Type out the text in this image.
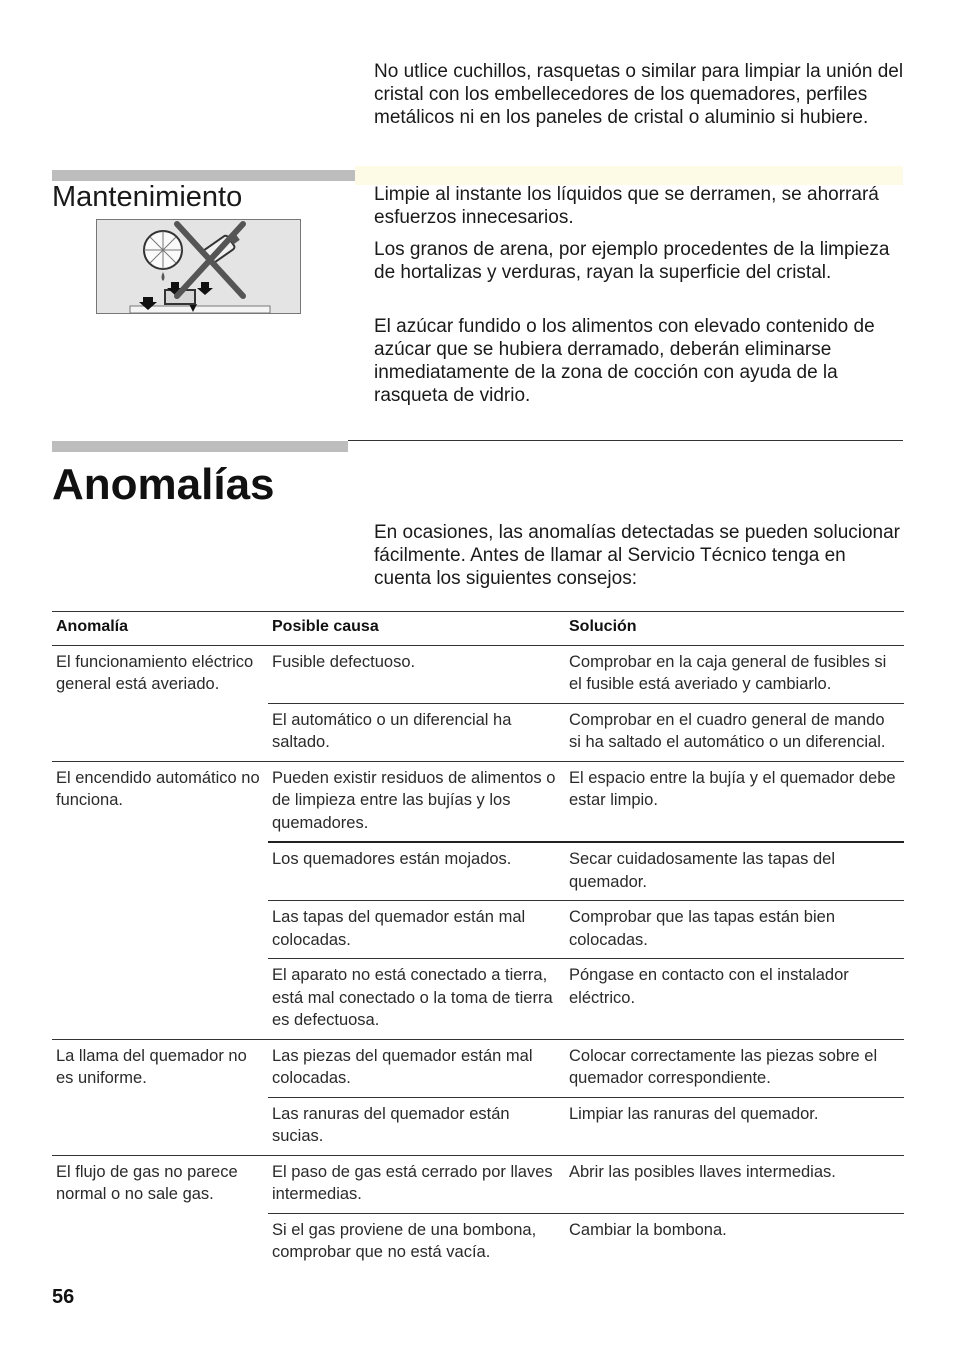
No utlice cuchillos, rasquetas o similar para limpiar la unión del cristal con los embellecedores de los quemadores, perfiles metálicos ni en los paneles de cristal o aluminio si hubiere.

Mantenimiento	Limpie al instante los líquidos que se derramen, se ahorrará esfuerzos innecesarios.

Los granos de arena, por ejemplo procedentes de la limpieza de hortalizas y verduras, rayan la superficie del cristal.

El azúcar fundido o los alimentos con elevado contenido de azúcar que se hubiera derramado, deberán eliminarse inmediatamente de la zona de cocción con ayuda de la rasqueta de vidrio.

Anomalías

En ocasiones, las anomalías detectadas se pueden solucionar fácilmente. Antes de llamar al Servicio Técnico tenga en cuenta los siguientes consejos:

Anomalía	Posible causa	Solución
El funcionamiento eléctrico general está averiado.	Fusible defectuoso.	Comprobar en la caja general de fusibles si el fusible está averiado y cambiarlo.
	El automático o un diferencial ha saltado.	Comprobar en el cuadro general de mando si ha saltado el automático o un diferencial.
El encendido automático no funciona.	Pueden existir residuos de alimentos o de limpieza entre las bujías y los quemadores.	El espacio entre la bujía y el quemador debe estar limpio.
	Los quemadores están mojados.	Secar cuidadosamente las tapas del quemador.
	Las tapas del quemador están mal colocadas.	Comprobar que las tapas están bien colocadas.
	El aparato no está conectado a tierra, está mal conectado o la toma de tierra es defectuosa.	Póngase en contacto con el instalador eléctrico.
La llama del quemador no es uniforme.	Las piezas del quemador están mal colocadas.	Colocar correctamente las piezas sobre el quemador correspondiente.
	Las ranuras del quemador están sucias.	Limpiar las ranuras del quemador.
El flujo de gas no parece normal o no sale gas.	El paso de gas está cerrado por llaves intermedias.	Abrir las posibles llaves intermedias.
	Si el gas proviene de una bombona, comprobar que no está vacía.	Cambiar la bombona.
56
